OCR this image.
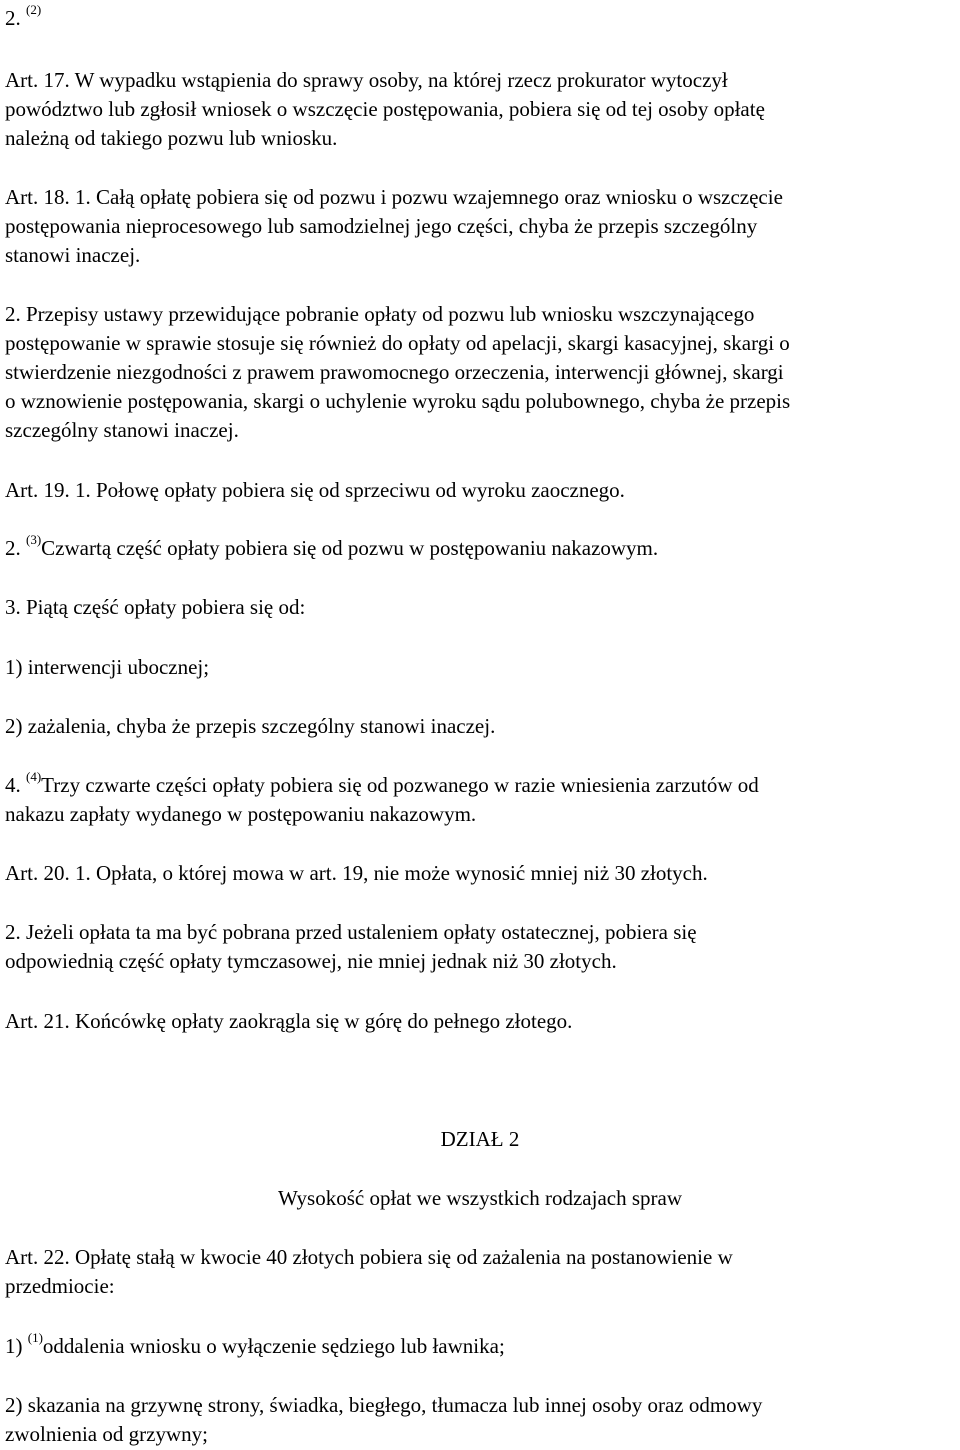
2. $^{(2)}$
Art. 17. W wypadku wstąpienia do sprawy osoby, na której rzecz prokurator wytoczył
powództwo lub zgłosił wniosek o wszczęcie postępowania, pobiera się od tej osoby opłatę
należną od takiego pozwu lub wniosku.
Art. 18. 1. Całą opłatę pobiera się od pozwu i pozwu wzajemnego oraz wniosku o wszczęcie
postępowania nieprocesowego lub samodzielnej jego części, chyba że przepis szczególny
stanowi inaczej.
2. Przepisy ustawy przewidujące pobranie opłaty od pozwu lub wniosku wszczynającego
postępowanie w sprawie stosuje się również do opłaty od apelacji, skargi kasacyjnej, skargi o
stwierdzenie niezgodności z prawem prawomocnego orzeczenia, interwencji głównej, skargi
o wznowienie postępowania, skargi o uchylenie wyroku sądu polubownego, chyba że przepis
szczególny stanowi inaczej.
Art. 19. 1. Połowę opłaty pobiera się od sprzeciwu od wyroku zaocznego.
2. $^{(3)}$Czwartą część opłaty pobiera się od pozwu w postępowaniu nakazowym.
3. Piątą część opłaty pobiera się od:
1) interwencji ubocznej;
2) zażalenia, chyba że przepis szczególny stanowi inaczej.
4. $^{(4)}$Trzy czwarte części opłaty pobiera się od pozwanego w razie wniesienia zarzutów od
nakazu zapłaty wydanego w postępowaniu nakazowym.
Art. 20. 1. Opłata, o której mowa w art. 19, nie może wynosić mniej niż 30 złotych.
2. Jeżeli opłata ta ma być pobrana przed ustaleniem opłaty ostatecznej, pobiera się
odpowiednią część opłaty tymczasowej, nie mniej jednak niż 30 złotych.
Art. 21. Końcówkę opłaty zaokrągla się w górę do pełnego złotego.
DZIAŁ 2
Wysokość opłat we wszystkich rodzajach spraw
Art. 22. Opłatę stałą w kwocie 40 złotych pobiera się od zażalenia na postanowienie w
przedmiocie:
1) $^{(1)}$oddalenia wniosku o wyłączenie sędziego lub ławnika;
2) skazania na grzywnę strony, świadka, biegłego, tłumacza lub innej osoby oraz odmowy
zwolnienia od grzywny;
